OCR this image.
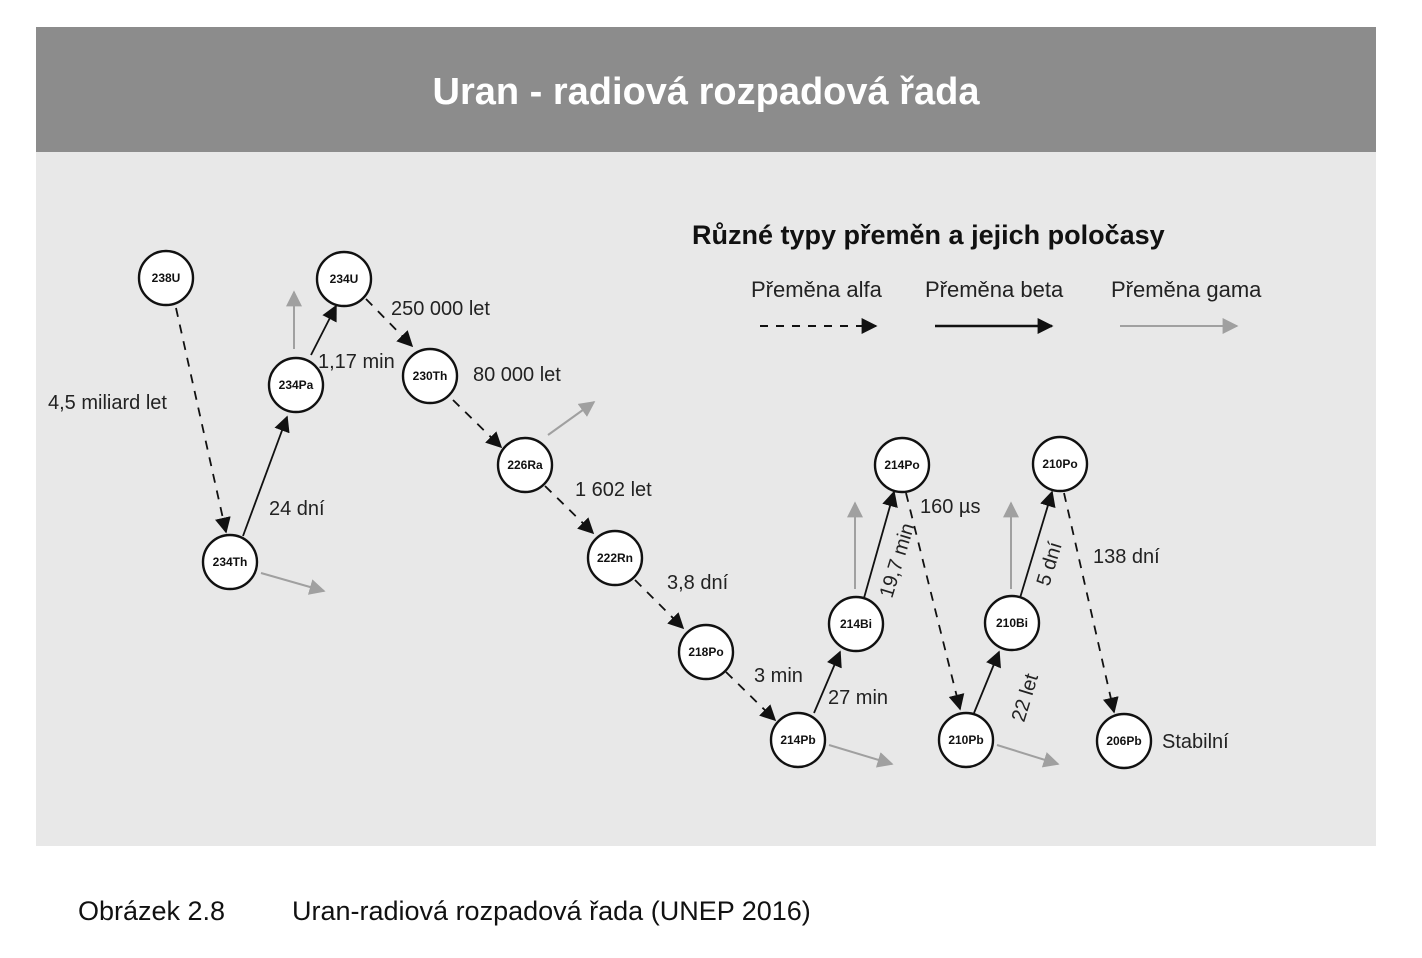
Uran - radiová rozpadová řada
Různé typy přeměn a jejich poločasy
Přeměna alfa Přeměna beta Přeměna gama
4,5 miliard let
24 dní
1,17 min
250 000 let
80 000 let
1 602 let
3,8 dní
3 min
27 min
19,7 min
160 µs
22 let
5 dní 138 dní
238U
234Th
234Pa
234U
230Th
226Ra
222Rn
218Po
214Pb
214Bi
214Po
210Pb
210Bi
210Po
206Pb Stabilní
Obrázek 2.8 Uran-radiová rozpadová řada (UNEP 2016)
